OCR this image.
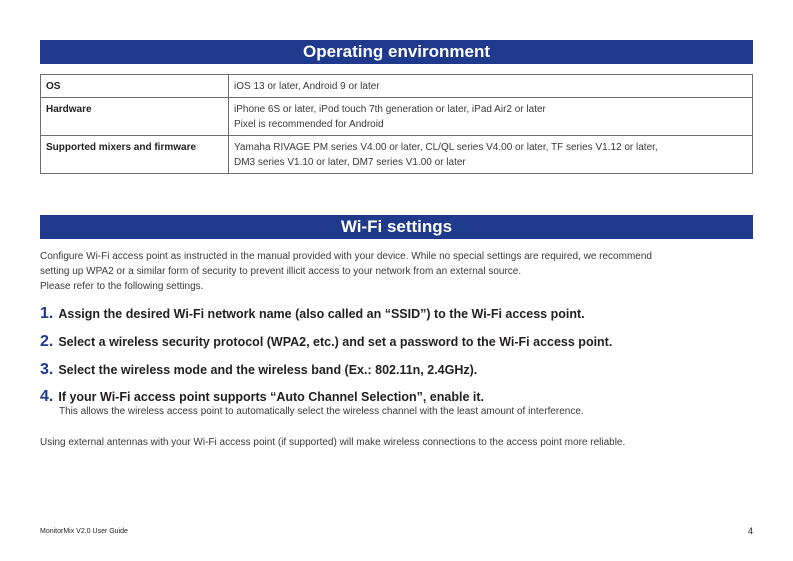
Operating environment
OS	iOS 13 or later, Android 9 or later

Hardware	iPhone 6S or later, iPod touch 7th generation or later, iPad Air2 or later
Pixel is recommended for Android

Supported mixers and firmware	Yamaha RIVAGE PM series V4.00 or later, CL/QL series V4.00 or later, TF series V1.12 or later,
DM3 series V1.10 or later, DM7 series V1.00 or later
Wi-Fi settings
Configure Wi-Fi access point as instructed in the manual provided with your device. While no special settings are required, we recommend
setting up WPA2 or a similar form of security to prevent illicit access to your network from an external source.
Please refer to the following settings.
1. Assign the desired Wi-Fi network name (also called an “SSID”) to the Wi-Fi access point.
2. Select a wireless security protocol (WPA2, etc.) and set a password to the Wi-Fi access point.
3. Select the wireless mode and the wireless band (Ex.: 802.11n, 2.4GHz).
4. If your Wi-Fi access point supports “Auto Channel Selection”, enable it.
This allows the wireless access point to automatically select the wireless channel with the least amount of interference.
Using external antennas with your Wi-Fi access point (if supported) will make wireless connections to the access point more reliable.
MonitorMix V2.0 User Guide	4
